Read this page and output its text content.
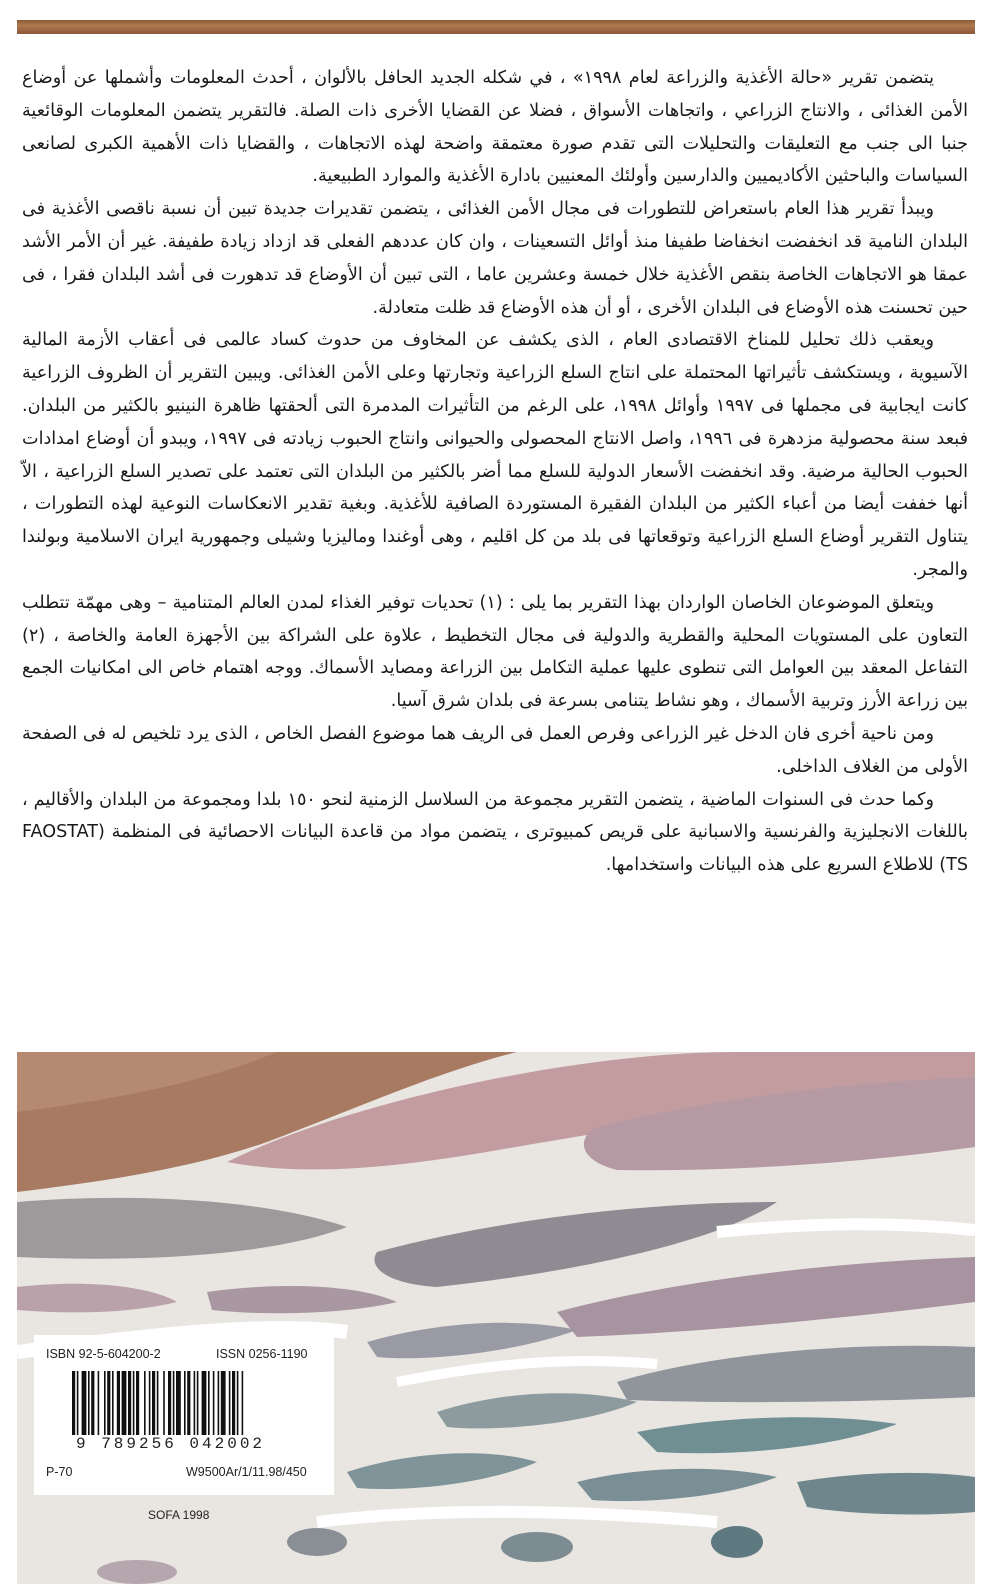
يتضمن تقرير «حالة الأغذية والزراعة لعام ١٩٩٨» ، في شكله الجديد الحافل بالألوان ، أحدث المعلومات وأشملها عن أوضاع الأمن الغذائى ، والانتاج الزراعي ، واتجاهات الأسواق ، فضلا عن القضايا الأخرى ذات الصلة. فالتقرير يتضمن المعلومات الوقائعية جنبا الى جنب مع التعليقات والتحليلات التى تقدم صورة معتمقة واضحة لهذه الاتجاهات ، والقضايا ذات الأهمية الكبرى لصانعى السياسات والباحثين الأكاديميين والدارسين وأولئك المعنيين بادارة الأغذية والموارد الطبيعية.

ويبدأ تقرير هذا العام باستعراض للتطورات فى مجال الأمن الغذائى ، يتضمن تقديرات جديدة تبين أن نسبة ناقصى الأغذية فى البلدان النامية قد انخفضت انخفاضا طفيفا منذ أوائل التسعينات ، وان كان عددهم الفعلى قد ازداد زيادة طفيفة. غير أن الأمر الأشد عمقا هو الاتجاهات الخاصة بنقص الأغذية خلال خمسة وعشرين عاما ، التى تبين أن الأوضاع قد تدهورت فى أشد البلدان فقرا ، فى حين تحسنت هذه الأوضاع فى البلدان الأخرى ، أو أن هذه الأوضاع قد ظلت متعادلة.

ويعقب ذلك تحليل للمناخ الاقتصادى العام ، الذى يكشف عن المخاوف من حدوث كساد عالمى فى أعقاب الأزمة المالية الآسيوية ، ويستكشف تأثيراتها المحتملة على انتاج السلع الزراعية وتجارتها وعلى الأمن الغذائى. ويبين التقرير أن الظروف الزراعية كانت ايجابية فى مجملها فى ١٩٩٧ وأوائل ١٩٩٨، على الرغم من التأثيرات المدمرة التى ألحقتها ظاهرة النينيو بالكثير من البلدان. فبعد سنة محصولية مزدهرة فى ١٩٩٦، واصل الانتاج المحصولى والحيوانى وانتاج الحبوب زيادته فى ١٩٩٧، ويبدو أن أوضاع امدادات الحبوب الحالية مرضية. وقد انخفضت الأسعار الدولية للسلع مما أضر بالكثير من البلدان التى تعتمد على تصدير السلع الزراعية ، الاّ أنها خففت أيضا من أعباء الكثير من البلدان الفقيرة المستوردة الصافية للأغذية. وبغية تقدير الانعكاسات النوعية لهذه التطورات ، يتناول التقرير أوضاع السلع الزراعية وتوقعاتها فى بلد من كل اقليم ، وهى أوغندا وماليزيا وشيلى وجمهورية ايران الاسلامية وبولندا والمجر.

ويتعلق الموضوعان الخاصان الواردان بهذا التقرير بما يلى : (١) تحديات توفير الغذاء لمدن العالم المتنامية – وهى مهمّة تتطلب التعاون على المستويات المحلية والقطرية والدولية فى مجال التخطيط ، علاوة على الشراكة بين الأجهزة العامة والخاصة ، (٢) التفاعل المعقد بين العوامل التى تنطوى عليها عملية التكامل بين الزراعة ومصايد الأسماك. ووجه اهتمام خاص الى امكانيات الجمع بين زراعة الأرز وتربية الأسماك ، وهو نشاط يتنامى بسرعة فى بلدان شرق آسيا.

ومن ناحية أخرى فان الدخل غير الزراعى وفرص العمل فى الريف هما موضوع الفصل الخاص ، الذى يرد تلخيص له فى الصفحة الأولى من الغلاف الداخلى.

وكما حدث فى السنوات الماضية ، يتضمن التقرير مجموعة من السلاسل الزمنية لنحو ١٥٠ بلدا ومجموعة من البلدان والأقاليم ، باللغات الانجليزية والفرنسية والاسبانية على قريص كمبيوترى ، يتضمن مواد من قاعدة البيانات الاحصائية فى المنظمة (FAOSTAT TS) للاطلاع السريع على هذه البيانات واستخدامها.

ISBN 92-5-604200-2	ISSN 0256-1190
9 789256 042002
P-70	W9500Ar/1/11.98/450
SOFA 1998
